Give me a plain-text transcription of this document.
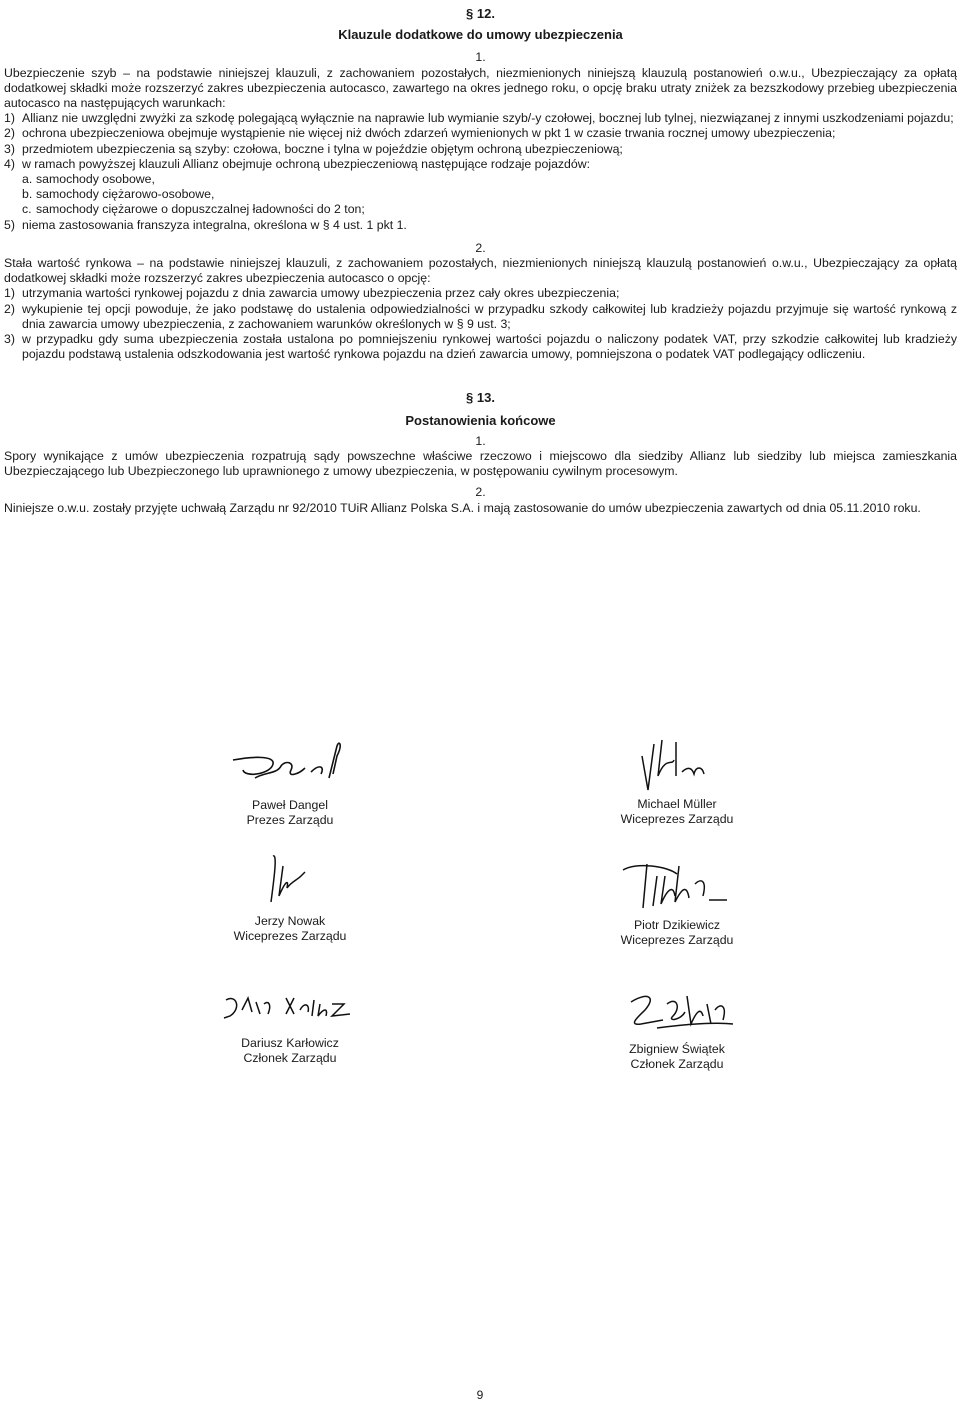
§ 12.
Klauzule dodatkowe do umowy ubezpieczenia
1.

Ubezpieczenie szyb – na podstawie niniejszej klauzuli, z zachowaniem pozostałych, niezmienionych niniejszą klauzulą postanowień o.w.u., Ubezpieczający za opłatą dodatkowej składki może rozszerzyć zakres ubezpieczenia autocasco, zawartego na okres jednego roku, o opcję braku utraty zniżek za bezszkodowy przebieg ubezpieczenia autocasco na następujących warunkach:

1) Allianz nie uwzględni zwyżki za szkodę polegającą wyłącznie na naprawie lub wymianie szyb/-y czołowej, bocznej lub tylnej, niezwiązanej z innymi uszkodzeniami pojazdu;
2) ochrona ubezpieczeniowa obejmuje wystąpienie nie więcej niż dwóch zdarzeń wymienionych w pkt 1 w czasie trwania rocznej umowy ubezpieczenia;
3) przedmiotem ubezpieczenia są szyby: czołowa, boczne i tylna w pojeździe objętym ochroną ubezpieczeniową;
4) w ramach powyższej klauzuli Allianz obejmuje ochroną ubezpieczeniową następujące rodzaje pojazdów:
a. samochody osobowe,
b. samochody ciężarowo-osobowe,
c. samochody ciężarowe o dopuszczalnej ładowności do 2 ton;
5) niema zastosowania franszyza integralna, określona w § 4 ust. 1 pkt 1.
2.

Stała wartość rynkowa – na podstawie niniejszej klauzuli, z zachowaniem pozostałych, niezmienionych niniejszą klauzulą postanowień o.w.u., Ubezpieczający za opłatą dodatkowej składki może rozszerzyć zakres ubezpieczenia autocasco o opcję:

1) utrzymania wartości rynkowej pojazdu z dnia zawarcia umowy ubezpieczenia przez cały okres ubezpieczenia;
2) wykupienie tej opcji powoduje, że jako podstawę do ustalenia odpowiedzialności w przypadku szkody całkowitej lub kradzieży pojazdu przyjmuje się wartość rynkową z dnia zawarcia umowy ubezpieczenia, z zachowaniem warunków określonych w § 9 ust. 3;
3) w przypadku gdy suma ubezpieczenia została ustalona po pomniejszeniu rynkowej wartości pojazdu o naliczony podatek VAT, przy szkodzie całkowitej lub kradzieży pojazdu podstawą ustalenia odszkodowania jest wartość rynkowa pojazdu na dzień zawarcia umowy, pomniejszona o podatek VAT podlegający odliczeniu.
§ 13.
Postanowienia końcowe
1.

Spory wynikające z umów ubezpieczenia rozpatrują sądy powszechne właściwe rzeczowo i miejscowo dla siedziby Allianz lub siedziby lub miejsca zamieszkania Ubezpieczającego lub Ubezpieczonego lub uprawnionego z umowy ubezpieczenia, w postępowaniu cywilnym procesowym.

2.

Niniejsze o.w.u. zostały przyjęte uchwałą Zarządu nr 92/2010 TUiR Allianz Polska S.A. i mają zastosowanie do umów ubezpieczenia zawartych od dnia 05.11.2010 roku.

Paweł Dangel
Prezes Zarządu
Michael Müller
Wiceprezes Zarządu
Jerzy Nowak
Wiceprezes Zarządu
Piotr Dzikiewicz
Wiceprezes Zarządu
Dariusz Karłowicz
Członek Zarządu
Zbigniew Świątek
Członek Zarządu
9
